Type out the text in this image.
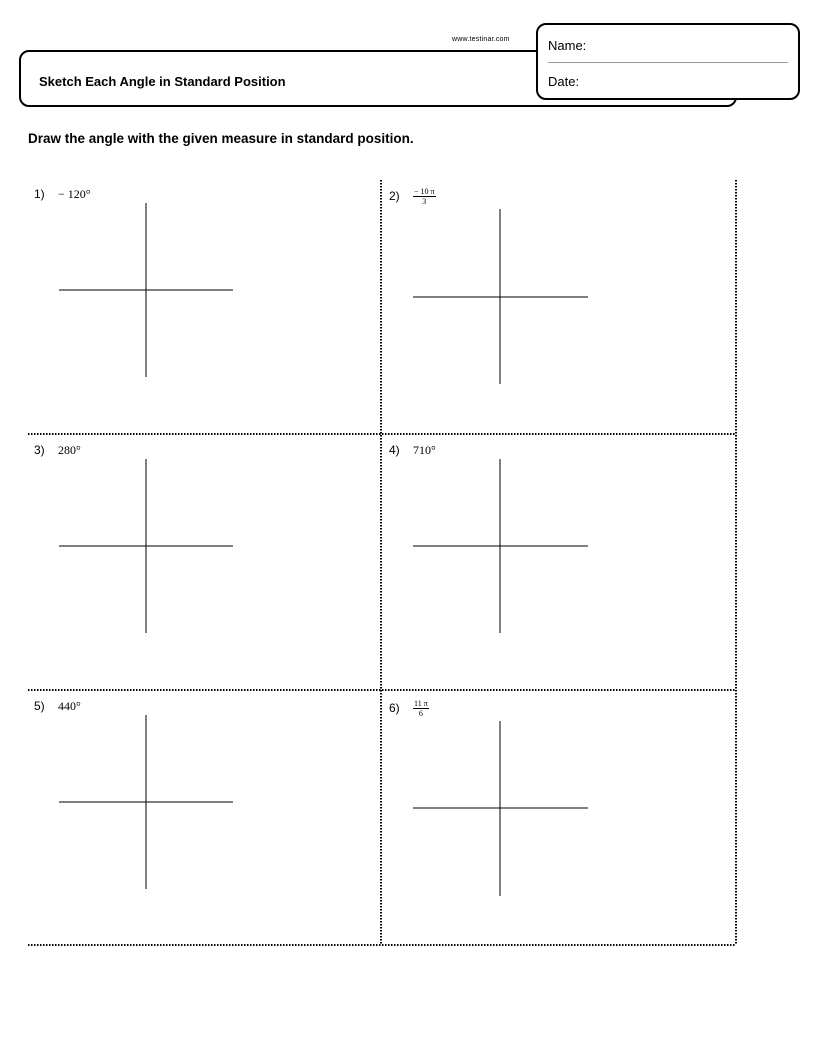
www.testinar.com
Sketch Each Angle in Standard Position
Name:
Date:
Draw the angle with the given measure in standard position.
1) − 120°	$2) \frac{- 10 \pi}{3}$
3) 280°	4) 710°
5) 440°	$6) \frac{11 \pi}{6}$
